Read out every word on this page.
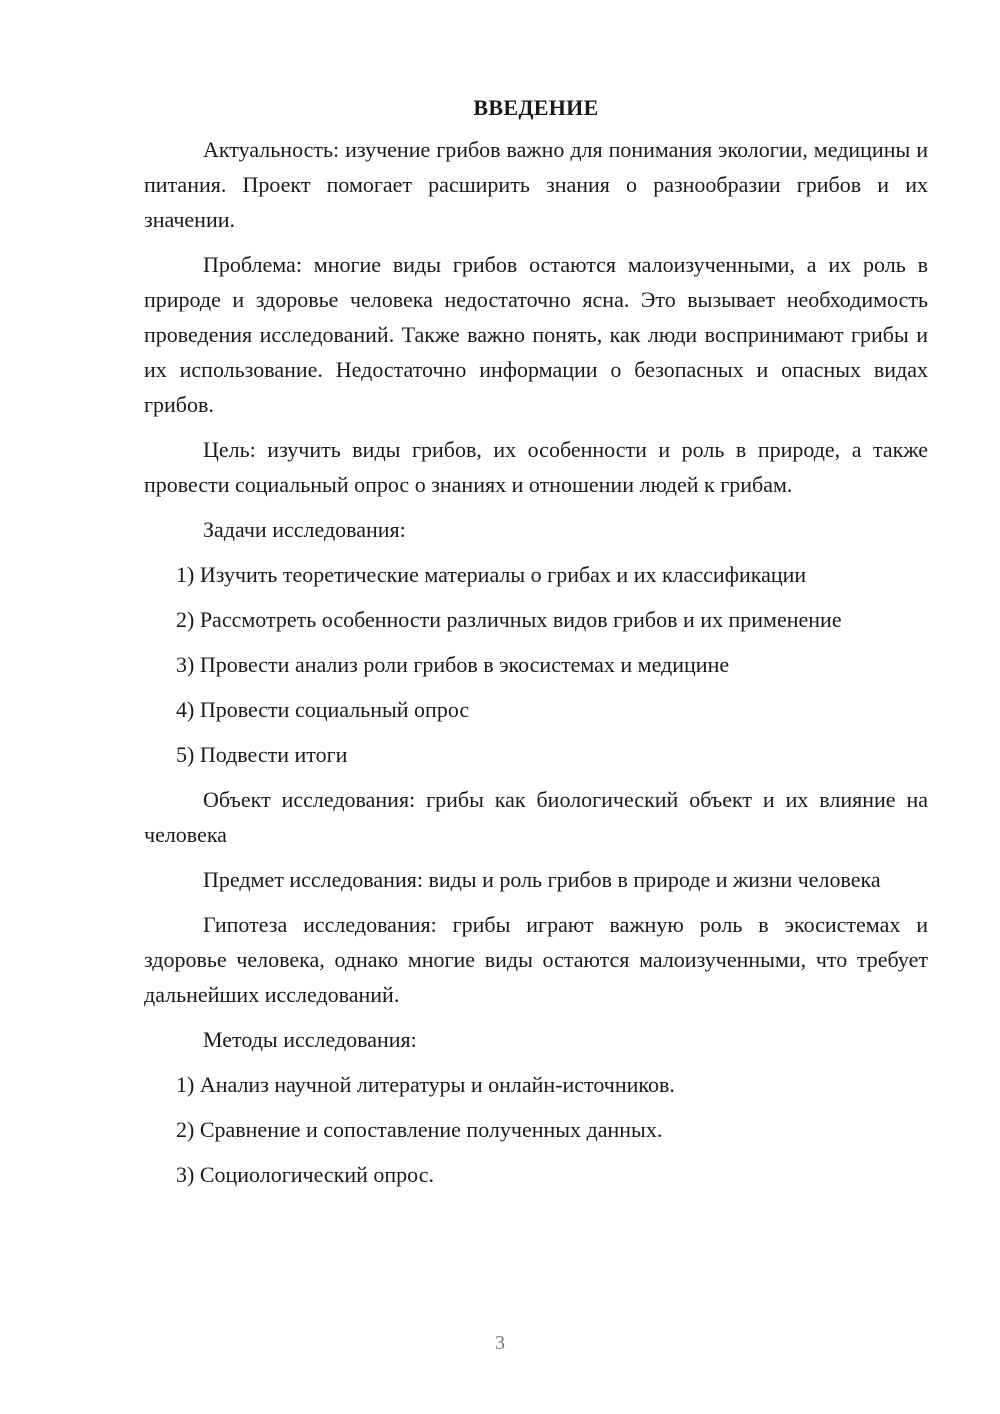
ВВЕДЕНИЕ

Актуальность: изучение грибов важно для понимания экологии, медицины и питания. Проект помогает расширить знания о разнообразии грибов и их значении.

Проблема: многие виды грибов остаются малоизученными, а их роль в природе и здоровье человека недостаточно ясна. Это вызывает необходимость проведения исследований. Также важно понять, как люди воспринимают грибы и их использование. Недостаточно информации о безопасных и опасных видах грибов.

Цель: изучить виды грибов, их особенности и роль в природе, а также провести социальный опрос о знаниях и отношении людей к грибам.

Задачи исследования:

1) Изучить теоретические материалы о грибах и их классификации
2) Рассмотреть особенности различных видов грибов и их применение
3) Провести анализ роли грибов в экосистемах и медицине
4) Провести социальный опрос
5) Подвести итоги

Объект исследования: грибы как биологический объект и их влияние на человека

Предмет исследования: виды и роль грибов в природе и жизни человека

Гипотеза исследования: грибы играют важную роль в экосистемах и здоровье человека, однако многие виды остаются малоизученными, что требует дальнейших исследований.

Методы исследования:

1) Анализ научной литературы и онлайн-источников.
2) Сравнение и сопоставление полученных данных.
3) Социологический опрос.
3
